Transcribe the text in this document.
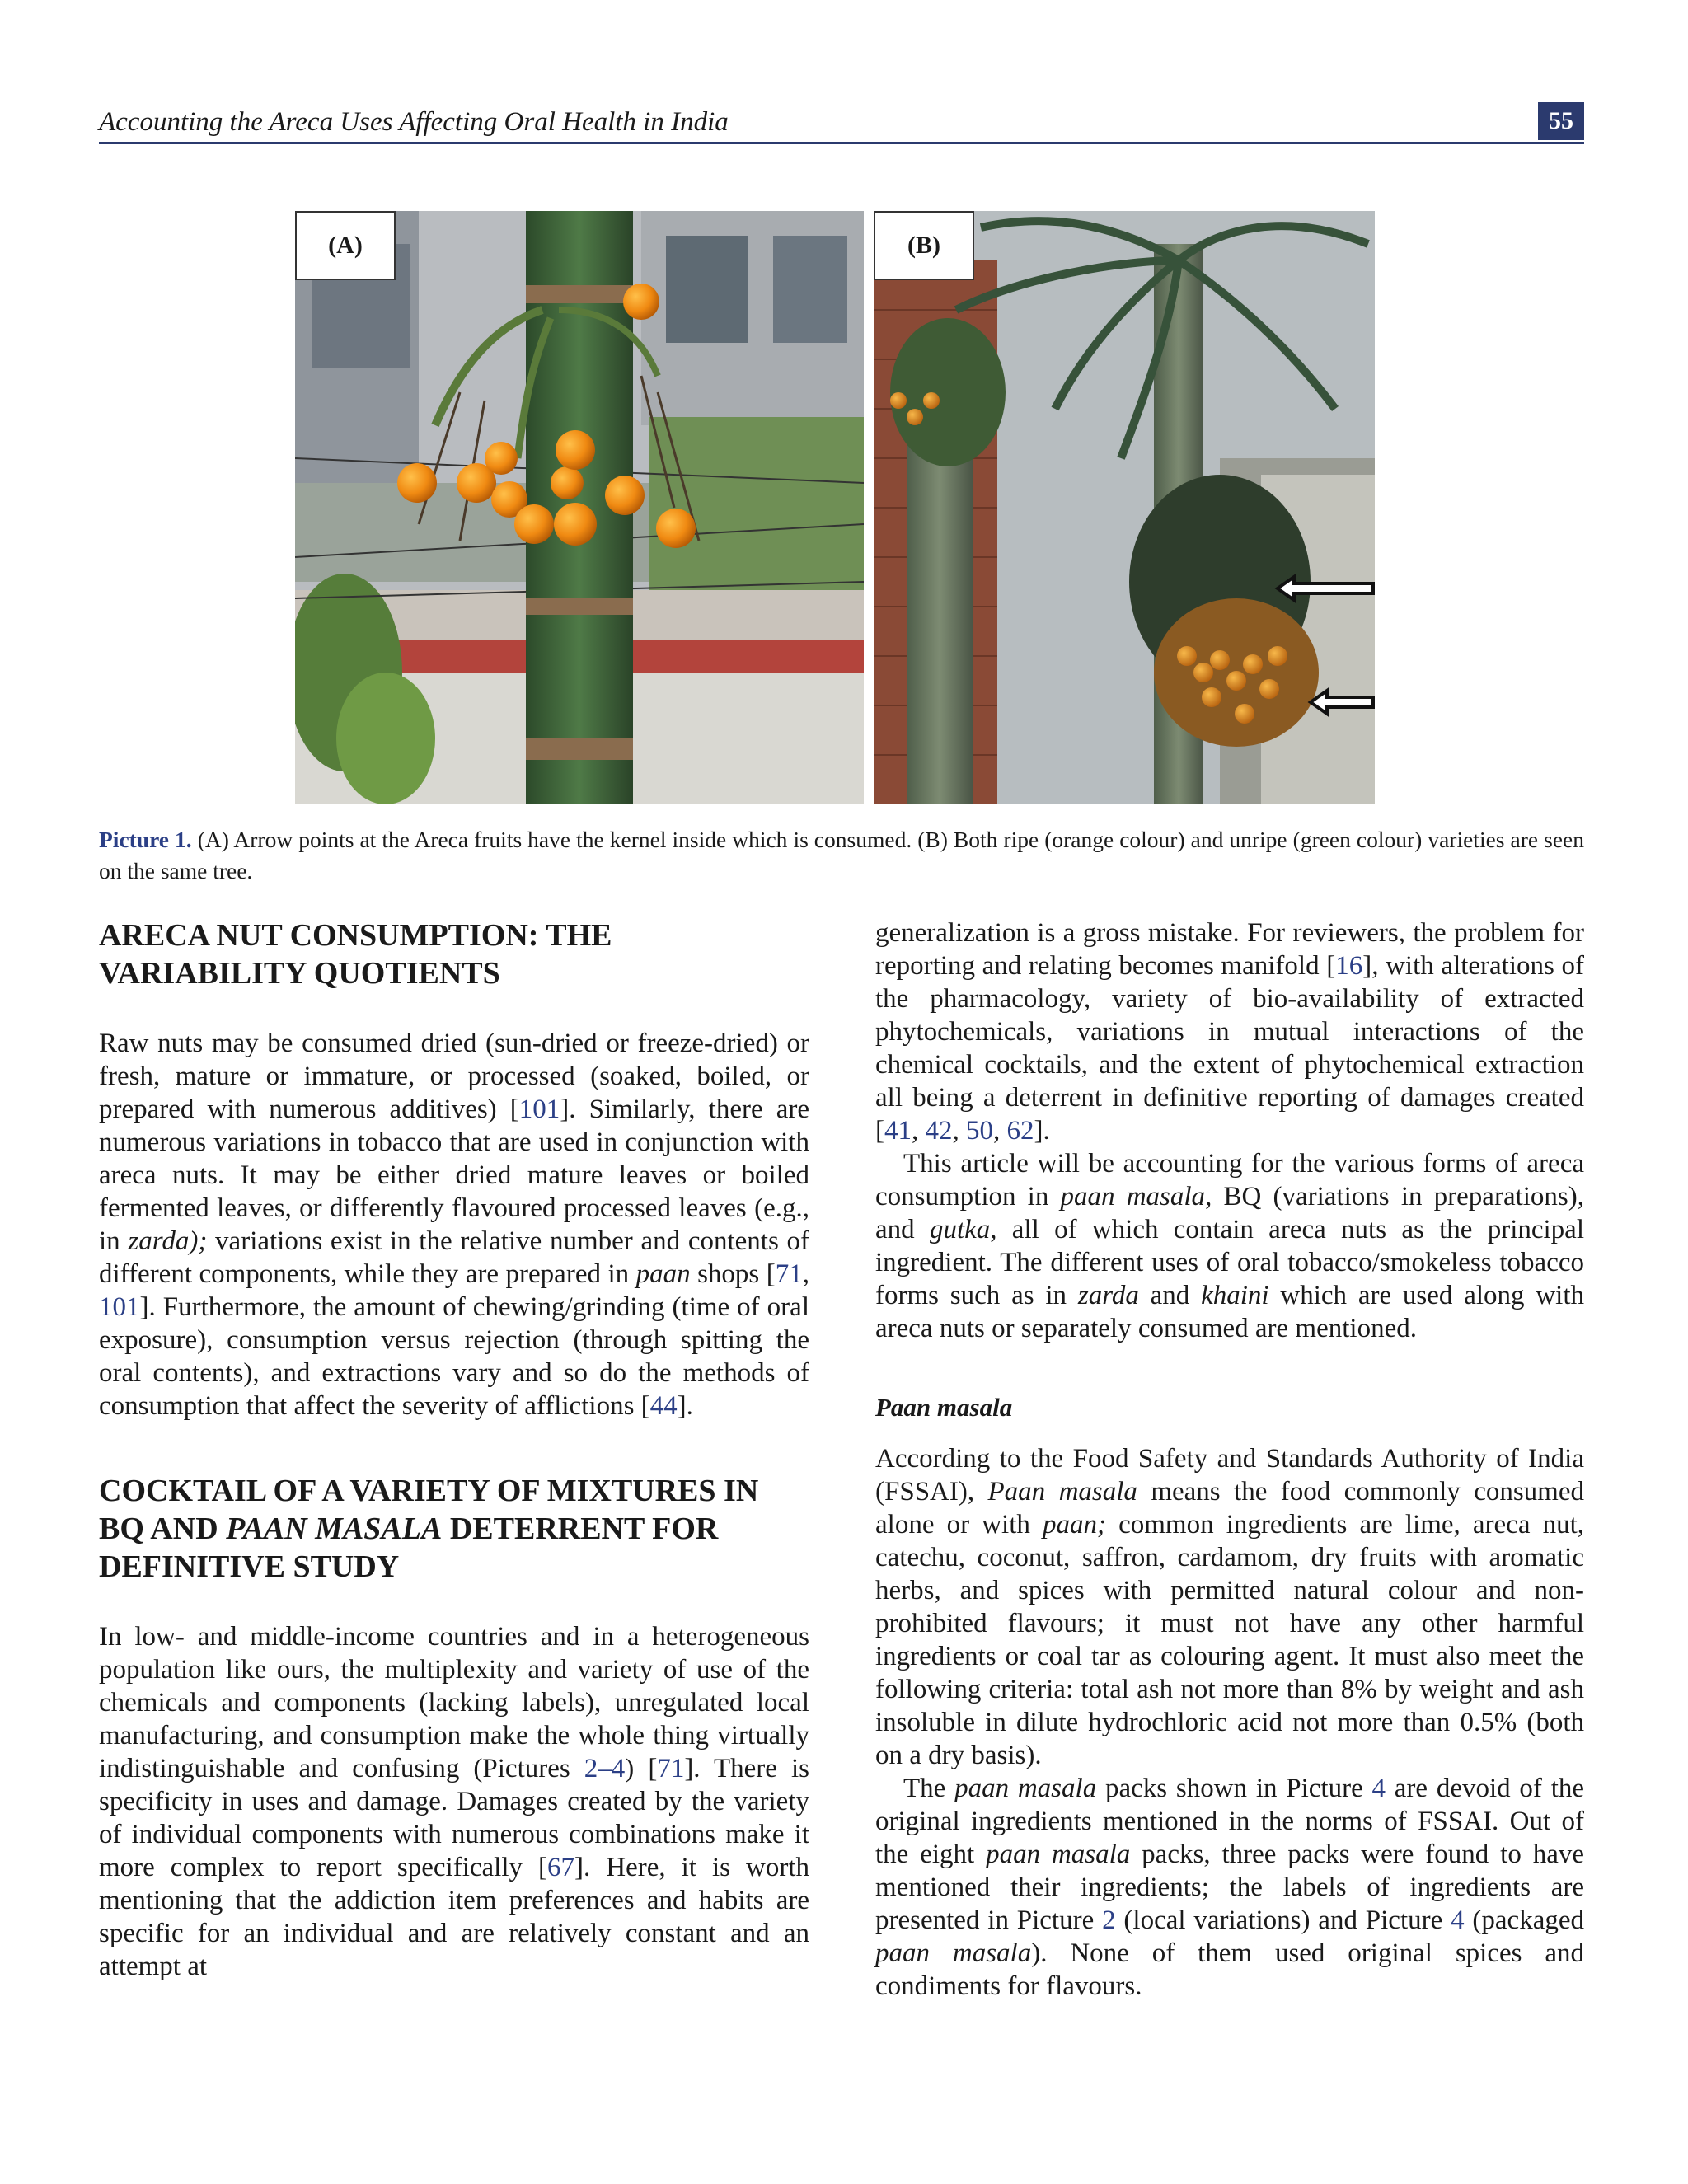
Accounting the Areca Uses Affecting Oral Health in India	55
(A)	(B)
Picture 1. (A) Arrow points at the Areca fruits have the kernel inside which is consumed. (B) Both ripe (orange colour) and unripe (green colour) varieties are seen on the same tree.
ARECA NUT CONSUMPTION: THE VARIABILITY QUOTIENTS

Raw nuts may be consumed dried (sun-dried or freeze-dried) or fresh, mature or immature, or processed (soaked, boiled, or prepared with numerous additives) [101]. Similarly, there are numerous variations in tobacco that are used in conjunction with areca nuts. It may be either dried mature leaves or boiled fermented leaves, or differently flavoured processed leaves (e.g., in zarda); variations exist in the relative number and contents of different components, while they are prepared in paan shops [71, 101]. Furthermore, the amount of chewing/grinding (time of oral exposure), consumption versus rejection (through spitting the oral contents), and extractions vary and so do the methods of consumption that affect the severity of afflictions [44].

COCKTAIL OF A VARIETY OF MIXTURES IN BQ AND PAAN MASALA DETERRENT FOR DEFINITIVE STUDY

In low- and middle-income countries and in a heterogeneous population like ours, the multiplexity and variety of use of the chemicals and components (lacking labels), unregulated local manufacturing, and consumption make the whole thing virtually indistinguishable and confusing (Pictures 2–4) [71]. There is specificity in uses and damage. Damages created by the variety of individual components with numerous combinations make it more complex to report specifically [67]. Here, it is worth mentioning that the addiction item preferences and habits are specific for an individual and are relatively constant and an attempt at

generalization is a gross mistake. For reviewers, the problem for reporting and relating becomes manifold [16], with alterations of the pharmacology, variety of bio-availability of extracted phytochemicals, variations in mutual interactions of the chemical cocktails, and the extent of phytochemical extraction all being a deterrent in definitive reporting of damages created [41, 42, 50, 62].

This article will be accounting for the various forms of areca consumption in paan masala, BQ (variations in preparations), and gutka, all of which contain areca nuts as the principal ingredient. The different uses of oral tobacco/smokeless tobacco forms such as in zarda and khaini which are used along with areca nuts or separately consumed are mentioned.

Paan masala

According to the Food Safety and Standards Authority of India (FSSAI), Paan masala means the food commonly consumed alone or with paan; common ingredients are lime, areca nut, catechu, coconut, saffron, cardamom, dry fruits with aromatic herbs, and spices with permitted natural colour and non-prohibited flavours; it must not have any other harmful ingredients or coal tar as colouring agent. It must also meet the following criteria: total ash not more than 8% by weight and ash insoluble in dilute hydrochloric acid not more than 0.5% (both on a dry basis).

The paan masala packs shown in Picture 4 are devoid of the original ingredients mentioned in the norms of FSSAI. Out of the eight paan masala packs, three packs were found to have mentioned their ingredients; the labels of ingredients are presented in Picture 2 (local variations) and Picture 4 (packaged paan masala). None of them used original spices and condiments for flavours.
